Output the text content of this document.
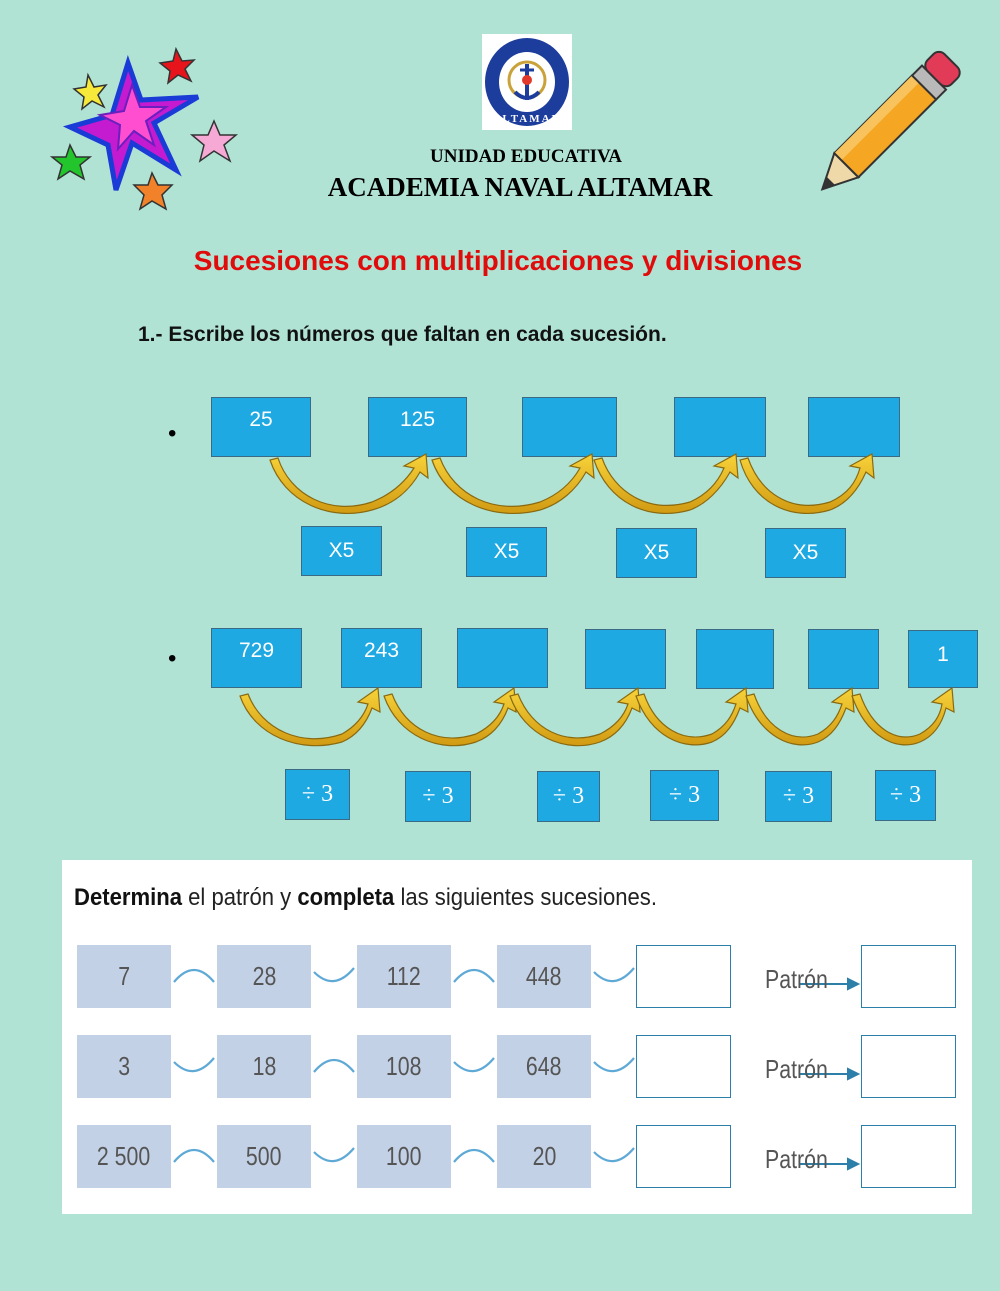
ALTAMAR
UNIDAD EDUCATIVA
ACADEMIA NAVAL ALTAMAR
Sucesiones con multiplicaciones y divisiones
1.- Escribe los números que faltan en cada sucesión.
•
25	125
X5	X5	X5	X5
•	729	243	1
÷ 3	÷ 3	÷ 3	÷ 3	÷ 3	÷ 3
Determina el patrón y completa las siguientes sucesiones.
7	28	112	448	Patrón
3	18	108	648	Patrón
2 500	500	100	20	Patrón
